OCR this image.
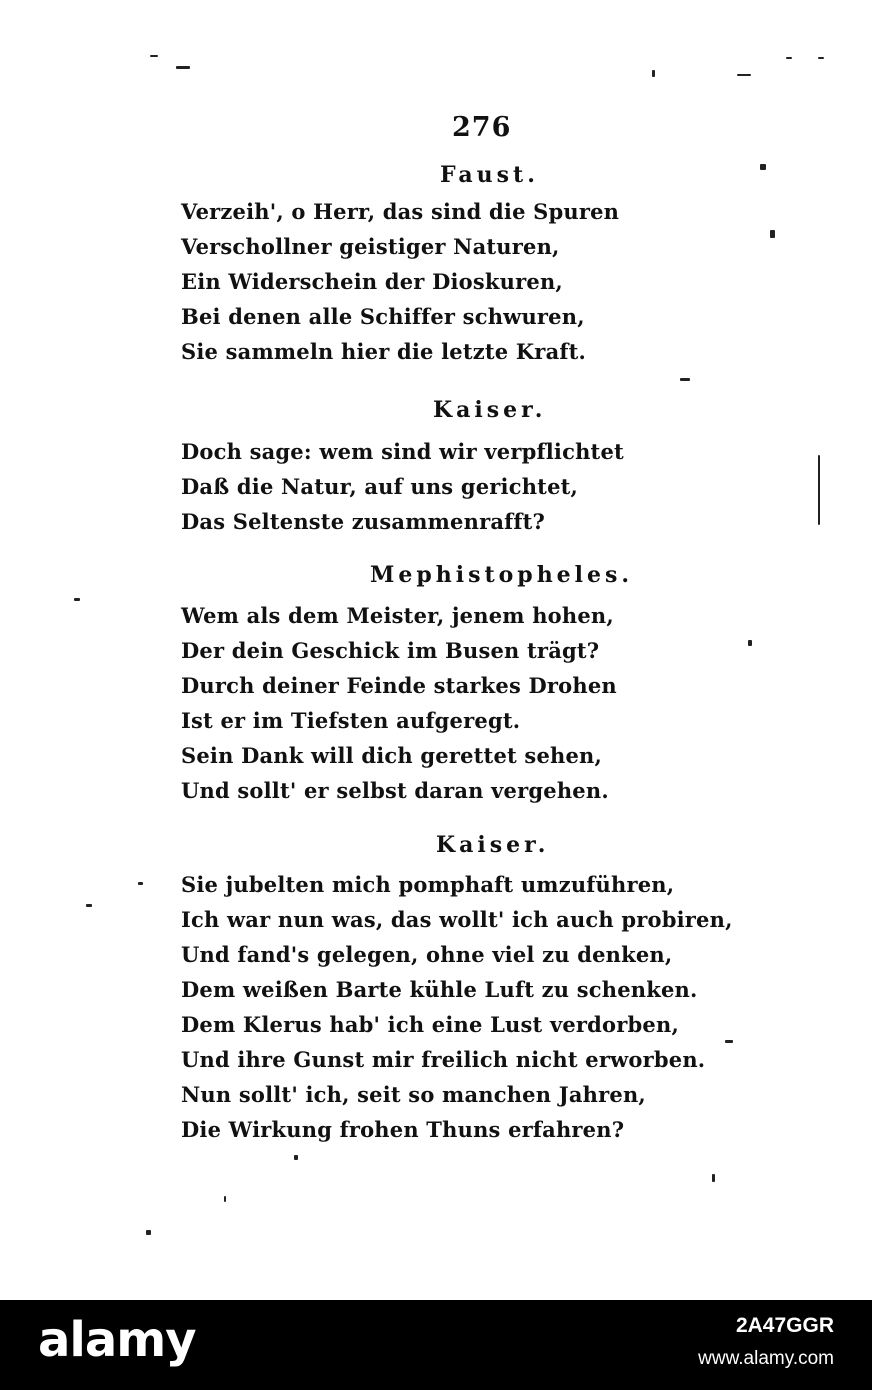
276
Faust.
Verzeih', o Herr, das sind die Spuren
Verschollner geistiger Naturen,
Ein Widerschein der Dioskuren,
Bei denen alle Schiffer schwuren,
Sie sammeln hier die letzte Kraft.
Kaiser.
Doch sage: wem sind wir verpflichtet
Daß die Natur, auf uns gerichtet,
Das Seltenste zusammenrafft?
Mephistopheles.
Wem als dem Meister, jenem hohen,
Der dein Geschick im Busen trägt?
Durch deiner Feinde starkes Drohen
Ist er im Tiefsten aufgeregt.
Sein Dank will dich gerettet sehen,
Und sollt' er selbst daran vergehen.
Kaiser.
Sie jubelten mich pomphaft umzuführen,
Ich war nun was, das wollt' ich auch probiren,
Und fand's gelegen, ohne viel zu denken,
Dem weißen Barte kühle Luft zu schenken.
Dem Klerus hab' ich eine Lust verdorben,
Und ihre Gunst mir freilich nicht erworben.
Nun sollt' ich, seit so manchen Jahren,
Die Wirkung frohen Thuns erfahren?
alamy	2A47GGR
www.alamy.com
